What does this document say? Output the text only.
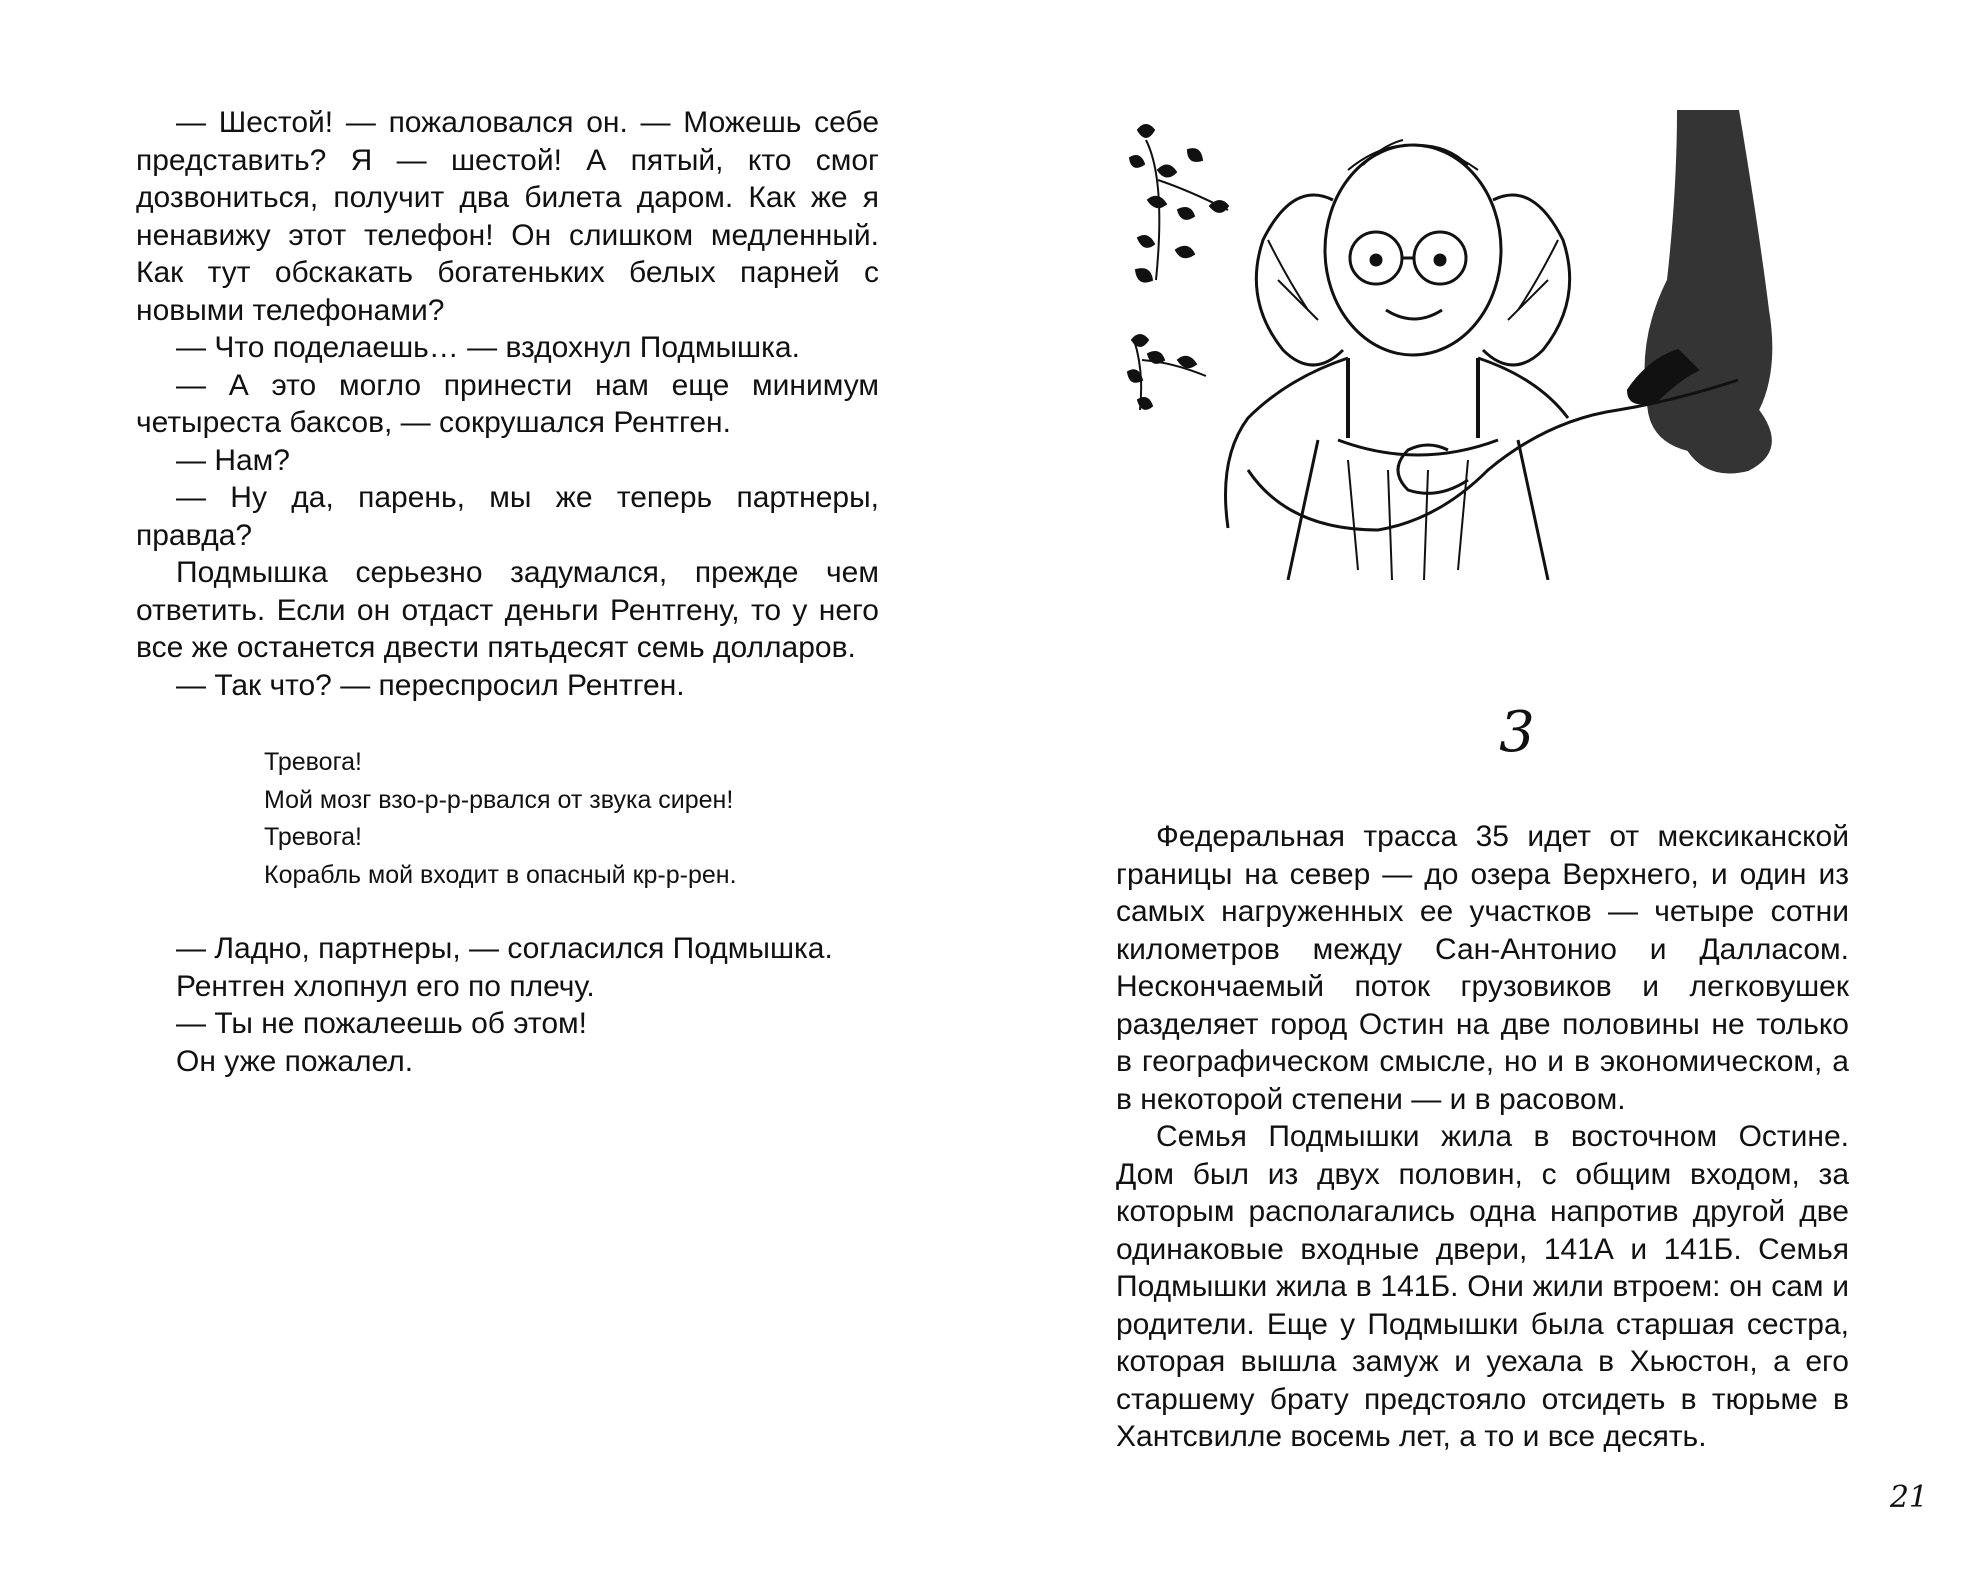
— Шестой! — пожаловался он. — Можешь себе представить? Я — шестой! А пятый, кто смог дозвониться, получит два билета даром. Как же я ненавижу этот телефон! Он слишком медленный. Как тут обскакать богатеньких белых парней с новыми телефонами?

— Что поделаешь… — вздохнул Подмышка.

— А это могло принести нам еще минимум четыреста баксов, — сокрушался Рентген.

— Нам?

— Ну да, парень, мы же теперь партнеры, правда?

Подмышка серьезно задумался, прежде чем ответить. Если он отдаст деньги Рентгену, то у него все же останется двести пятьдесят семь долларов.

— Так что? — переспросил Рентген.

Тревога!
Мой мозг взо-р-р-рвался от звука сирен!
Тревога!
Корабль мой входит в опасный кр-р-рен.

— Ладно, партнеры, — согласился Подмышка.

Рентген хлопнул его по плечу.

— Ты не пожалеешь об этом!

Он уже пожалел.

3

Федеральная трасса 35 идет от мексиканской границы на север — до озера Верхнего, и один из самых нагруженных ее участков — четыре сотни километров между Сан-Антонио и Далласом. Нескончаемый поток грузовиков и легковушек разделяет город Остин на две половины не только в географическом смысле, но и в экономическом, а в некоторой степени — и в расовом.

Семья Подмышки жила в восточном Остине. Дом был из двух половин, с общим входом, за которым располагались одна напротив другой две одинаковые входные двери, 141А и 141Б. Семья Подмышки жила в 141Б. Они жили втроем: он сам и родители. Еще у Подмышки была старшая сестра, которая вышла замуж и уехала в Хьюстон, а его старшему брату предстояло отсидеть в тюрьме в Хантсвилле восемь лет, а то и все десять.

21
